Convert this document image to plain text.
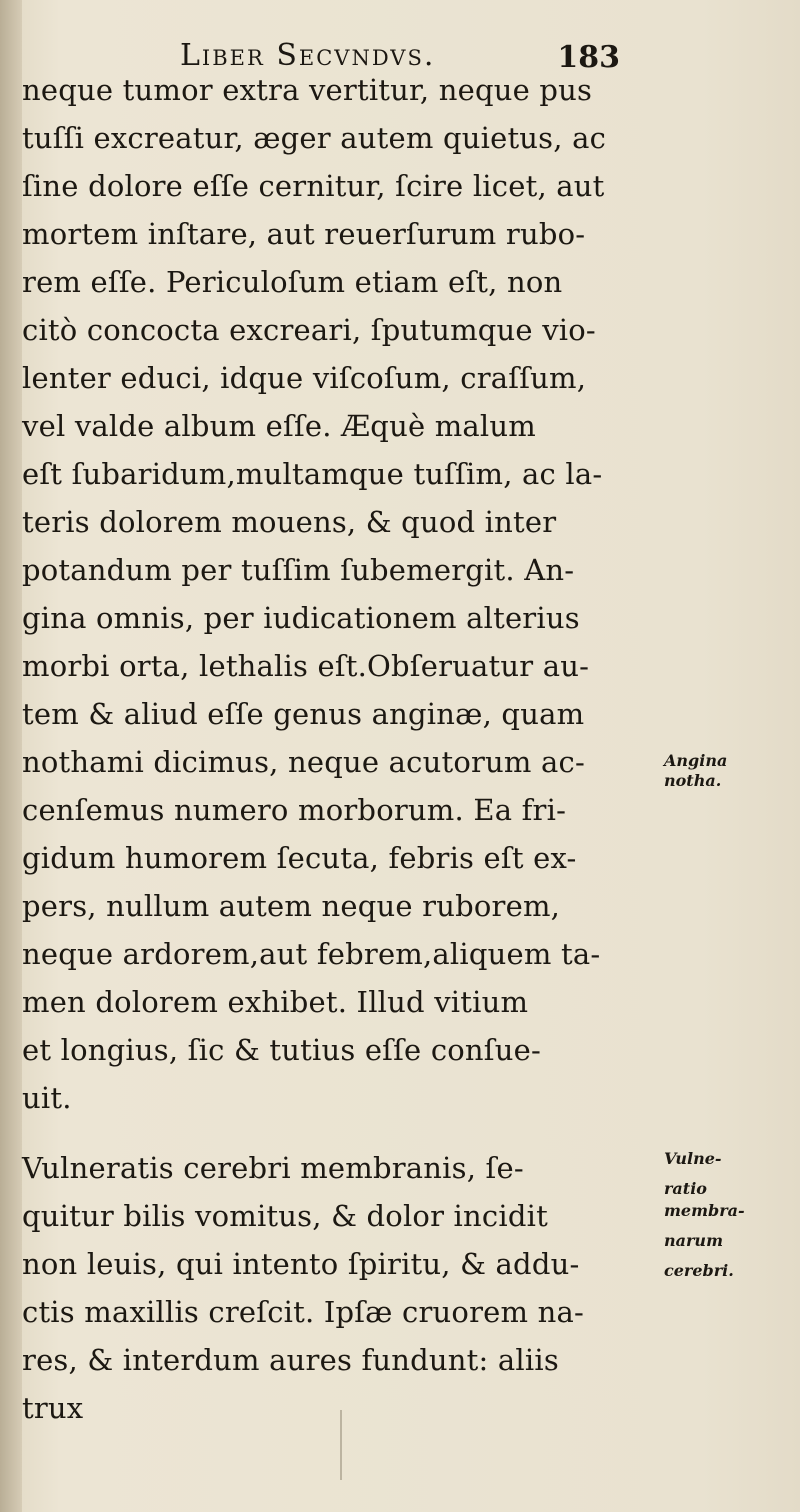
Liber Secvndvs.	183
neque tumor extra vertitur, neque pus
tuſſi excreatur, æger autem quietus, ac
ſine dolore eſſe cernitur, ſcire licet, aut
mortem inſtare, aut reuerſurum rubo-
rem eſſe. Periculoſum etiam eſt, non
citò concocta excreari, ſputumque vio-
lenter educi, idque viſcoſum, craſſum,
vel valde album eſſe. Æquè malum
eſt ſubaridum,multamque tuſſim, ac la-
teris dolorem mouens, & quod inter
potandum per tuſſim ſubemergit. An-
gina omnis, per iudicationem alterius
morbi orta, lethalis eſt.Obſeruatur au-
tem & aliud eſſe genus anginæ, quam
nothami dicimus, neque acutorum ac-
cenſemus numero morborum. Ea fri-
gidum humorem ſecuta, febris eſt ex-
pers, nullum autem neque ruborem,
neque ardorem,aut febrem,aliquem ta-
men dolorem exhibet. Illud vitium
et longius, ſic & tutius eſſe conſue-
uit.
Vulneratis cerebri membranis, ſe-
quitur bilis vomitus, & dolor incidit
non leuis, qui intento ſpiritu, & addu-
ctis maxillis creſcit. Ipſæ cruorem na-
res, & interdum aures fundunt: aliis
trux
Angina
notha.
Vulne-
ratio
membra-
narum
cerebri.
